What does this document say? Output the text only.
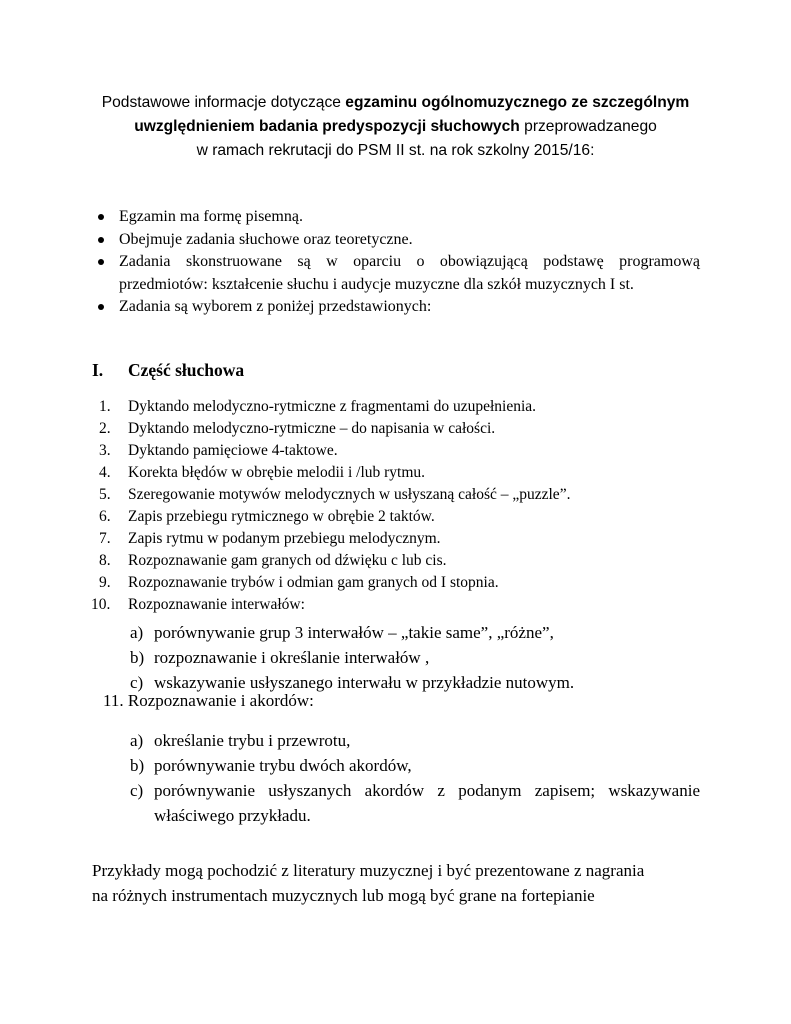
Podstawowe informacje dotyczące egzaminu ogólnomuzycznego ze szczególnym
uwzględnieniem badania predyspozycji słuchowych przeprowadzanego
w ramach rekrutacji do PSM II st. na rok szkolny 2015/16:
Egzamin ma formę pisemną.
Obejmuje zadania słuchowe oraz teoretyczne.
Zadania skonstruowane są w oparciu o obowiązującą podstawę programową
przedmiotów: kształcenie słuchu i audycje muzyczne dla szkół muzycznych I st.
Zadania są wyborem z poniżej przedstawionych:
I. Część słuchowa
1. Dyktando melodyczno-rytmiczne z fragmentami do uzupełnienia.
2. Dyktando melodyczno-rytmiczne – do napisania w całości.
3. Dyktando pamięciowe 4-taktowe.
4. Korekta błędów w obrębie melodii i /lub rytmu.
5. Szeregowanie motywów melodycznych w usłyszaną całość – „puzzle”.
6. Zapis przebiegu rytmicznego w obrębie 2 taktów.
7. Zapis rytmu w podanym przebiegu melodycznym.
8. Rozpoznawanie gam granych od dźwięku c lub cis.
9. Rozpoznawanie trybów i odmian gam granych od I stopnia.
10. Rozpoznawanie interwałów:
a) porównywanie grup 3 interwałów – „takie same”, „różne”,
b) rozpoznawanie i określanie interwałów ,
c) wskazywanie usłyszanego interwału w przykładzie nutowym.
11. Rozpoznawanie i akordów:
a) określanie trybu i przewrotu,
b) porównywanie trybu dwóch akordów,
c) porównywanie usłyszanych akordów z podanym zapisem; wskazywanie
właściwego przykładu.
Przykłady mogą pochodzić z literatury muzycznej i być prezentowane z nagrania
na różnych instrumentach muzycznych lub mogą być grane na fortepianie
